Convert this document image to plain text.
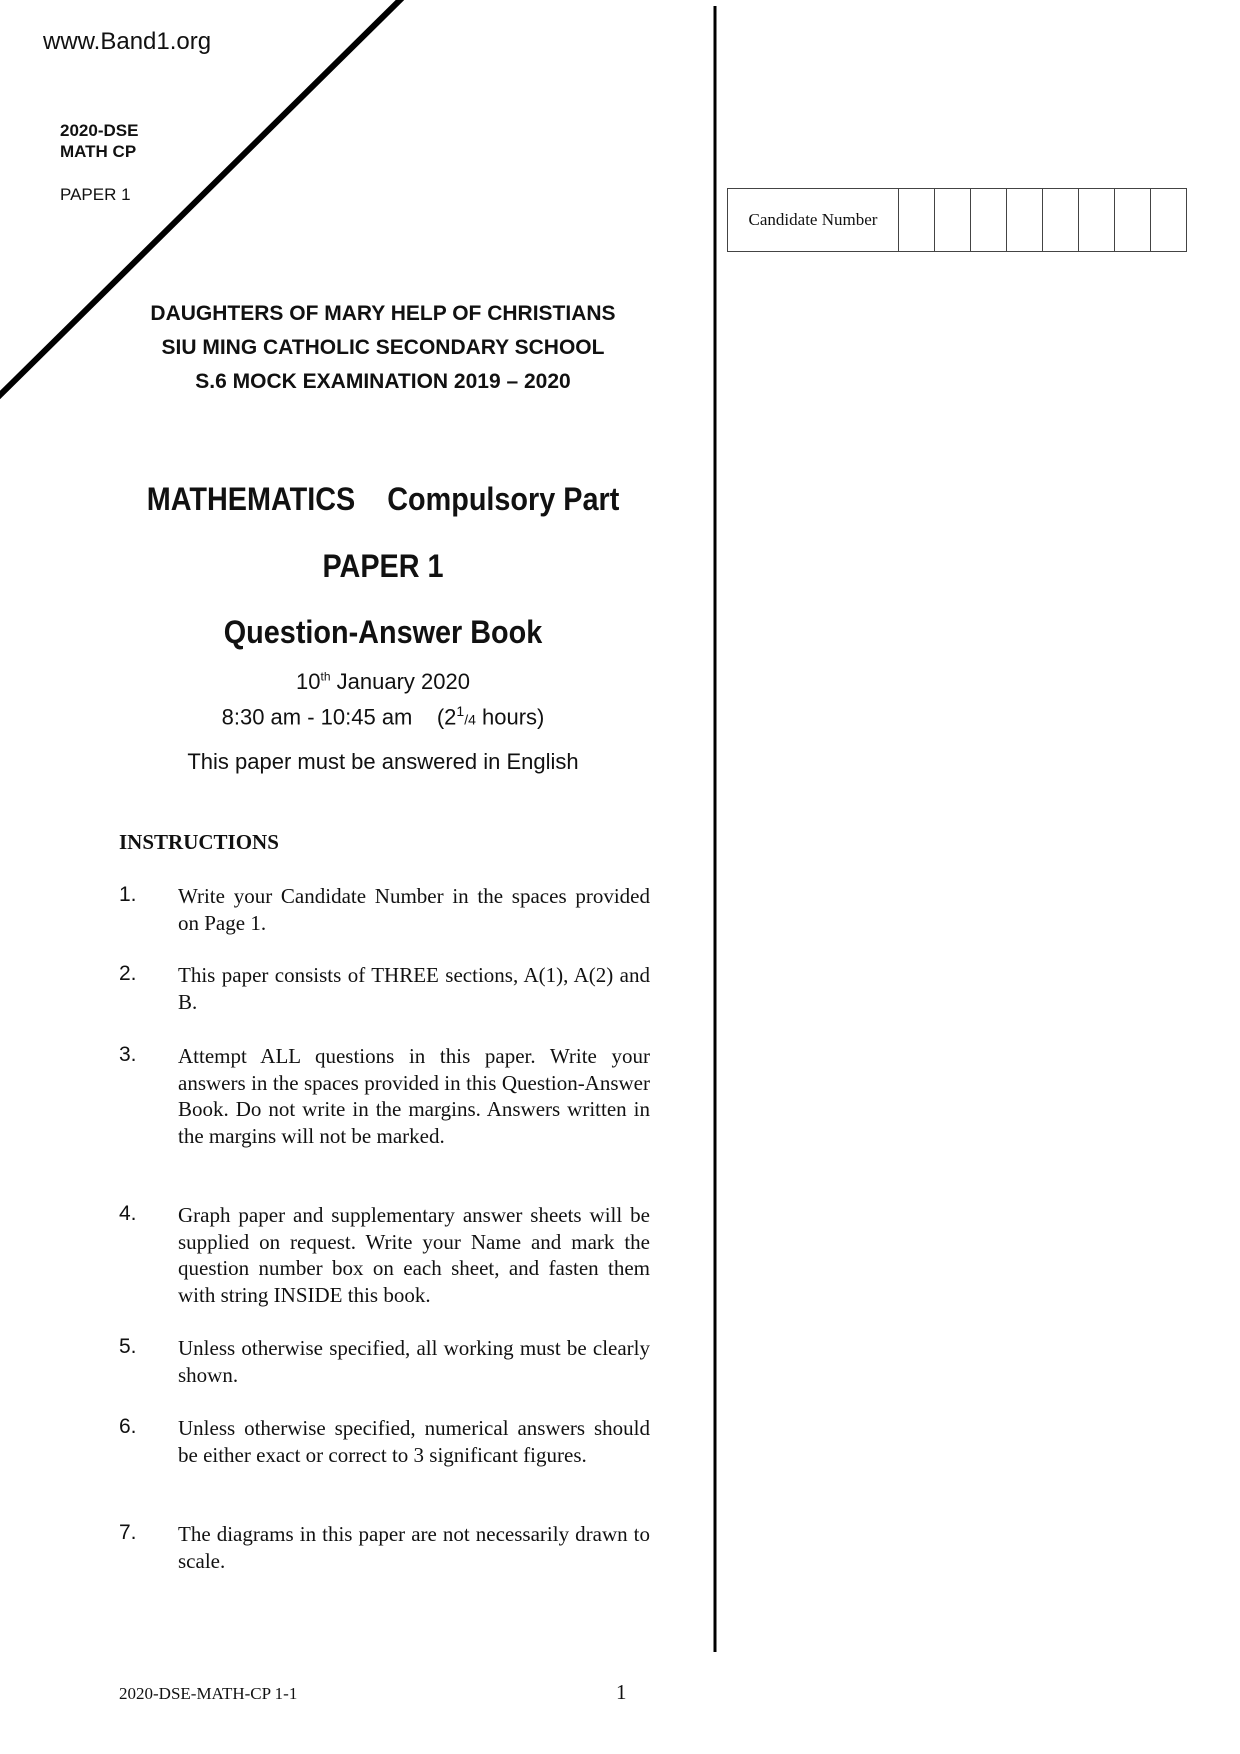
www.Band1.org
2020-DSE
MATH CP
PAPER 1
Candidate Number
DAUGHTERS OF MARY HELP OF CHRISTIANS
SIU MING CATHOLIC SECONDARY SCHOOL
S.6 MOCK EXAMINATION 2019 – 2020
MATHEMATICS    Compulsory Part
PAPER 1
Question-Answer Book
10th January 2020
8:30 am - 10:45 am ($2^1/4$ hours)
This paper must be answered in English
INSTRUCTIONS
1. Write your Candidate Number in the spaces provided on Page 1.
2. This paper consists of THREE sections, A(1), A(2) and B.
3. Attempt ALL questions in this paper. Write your answers in the spaces provided in this Question-Answer Book. Do not write in the margins. Answers written in the margins will not be marked.
4. Graph paper and supplementary answer sheets will be supplied on request. Write your Name and mark the question number box on each sheet, and fasten them with string INSIDE this book.
5. Unless otherwise specified, all working must be clearly shown.
6. Unless otherwise specified, numerical answers should be either exact or correct to 3 significant figures.
7. The diagrams in this paper are not necessarily drawn to scale.
2020-DSE-MATH-CP 1-1	1
